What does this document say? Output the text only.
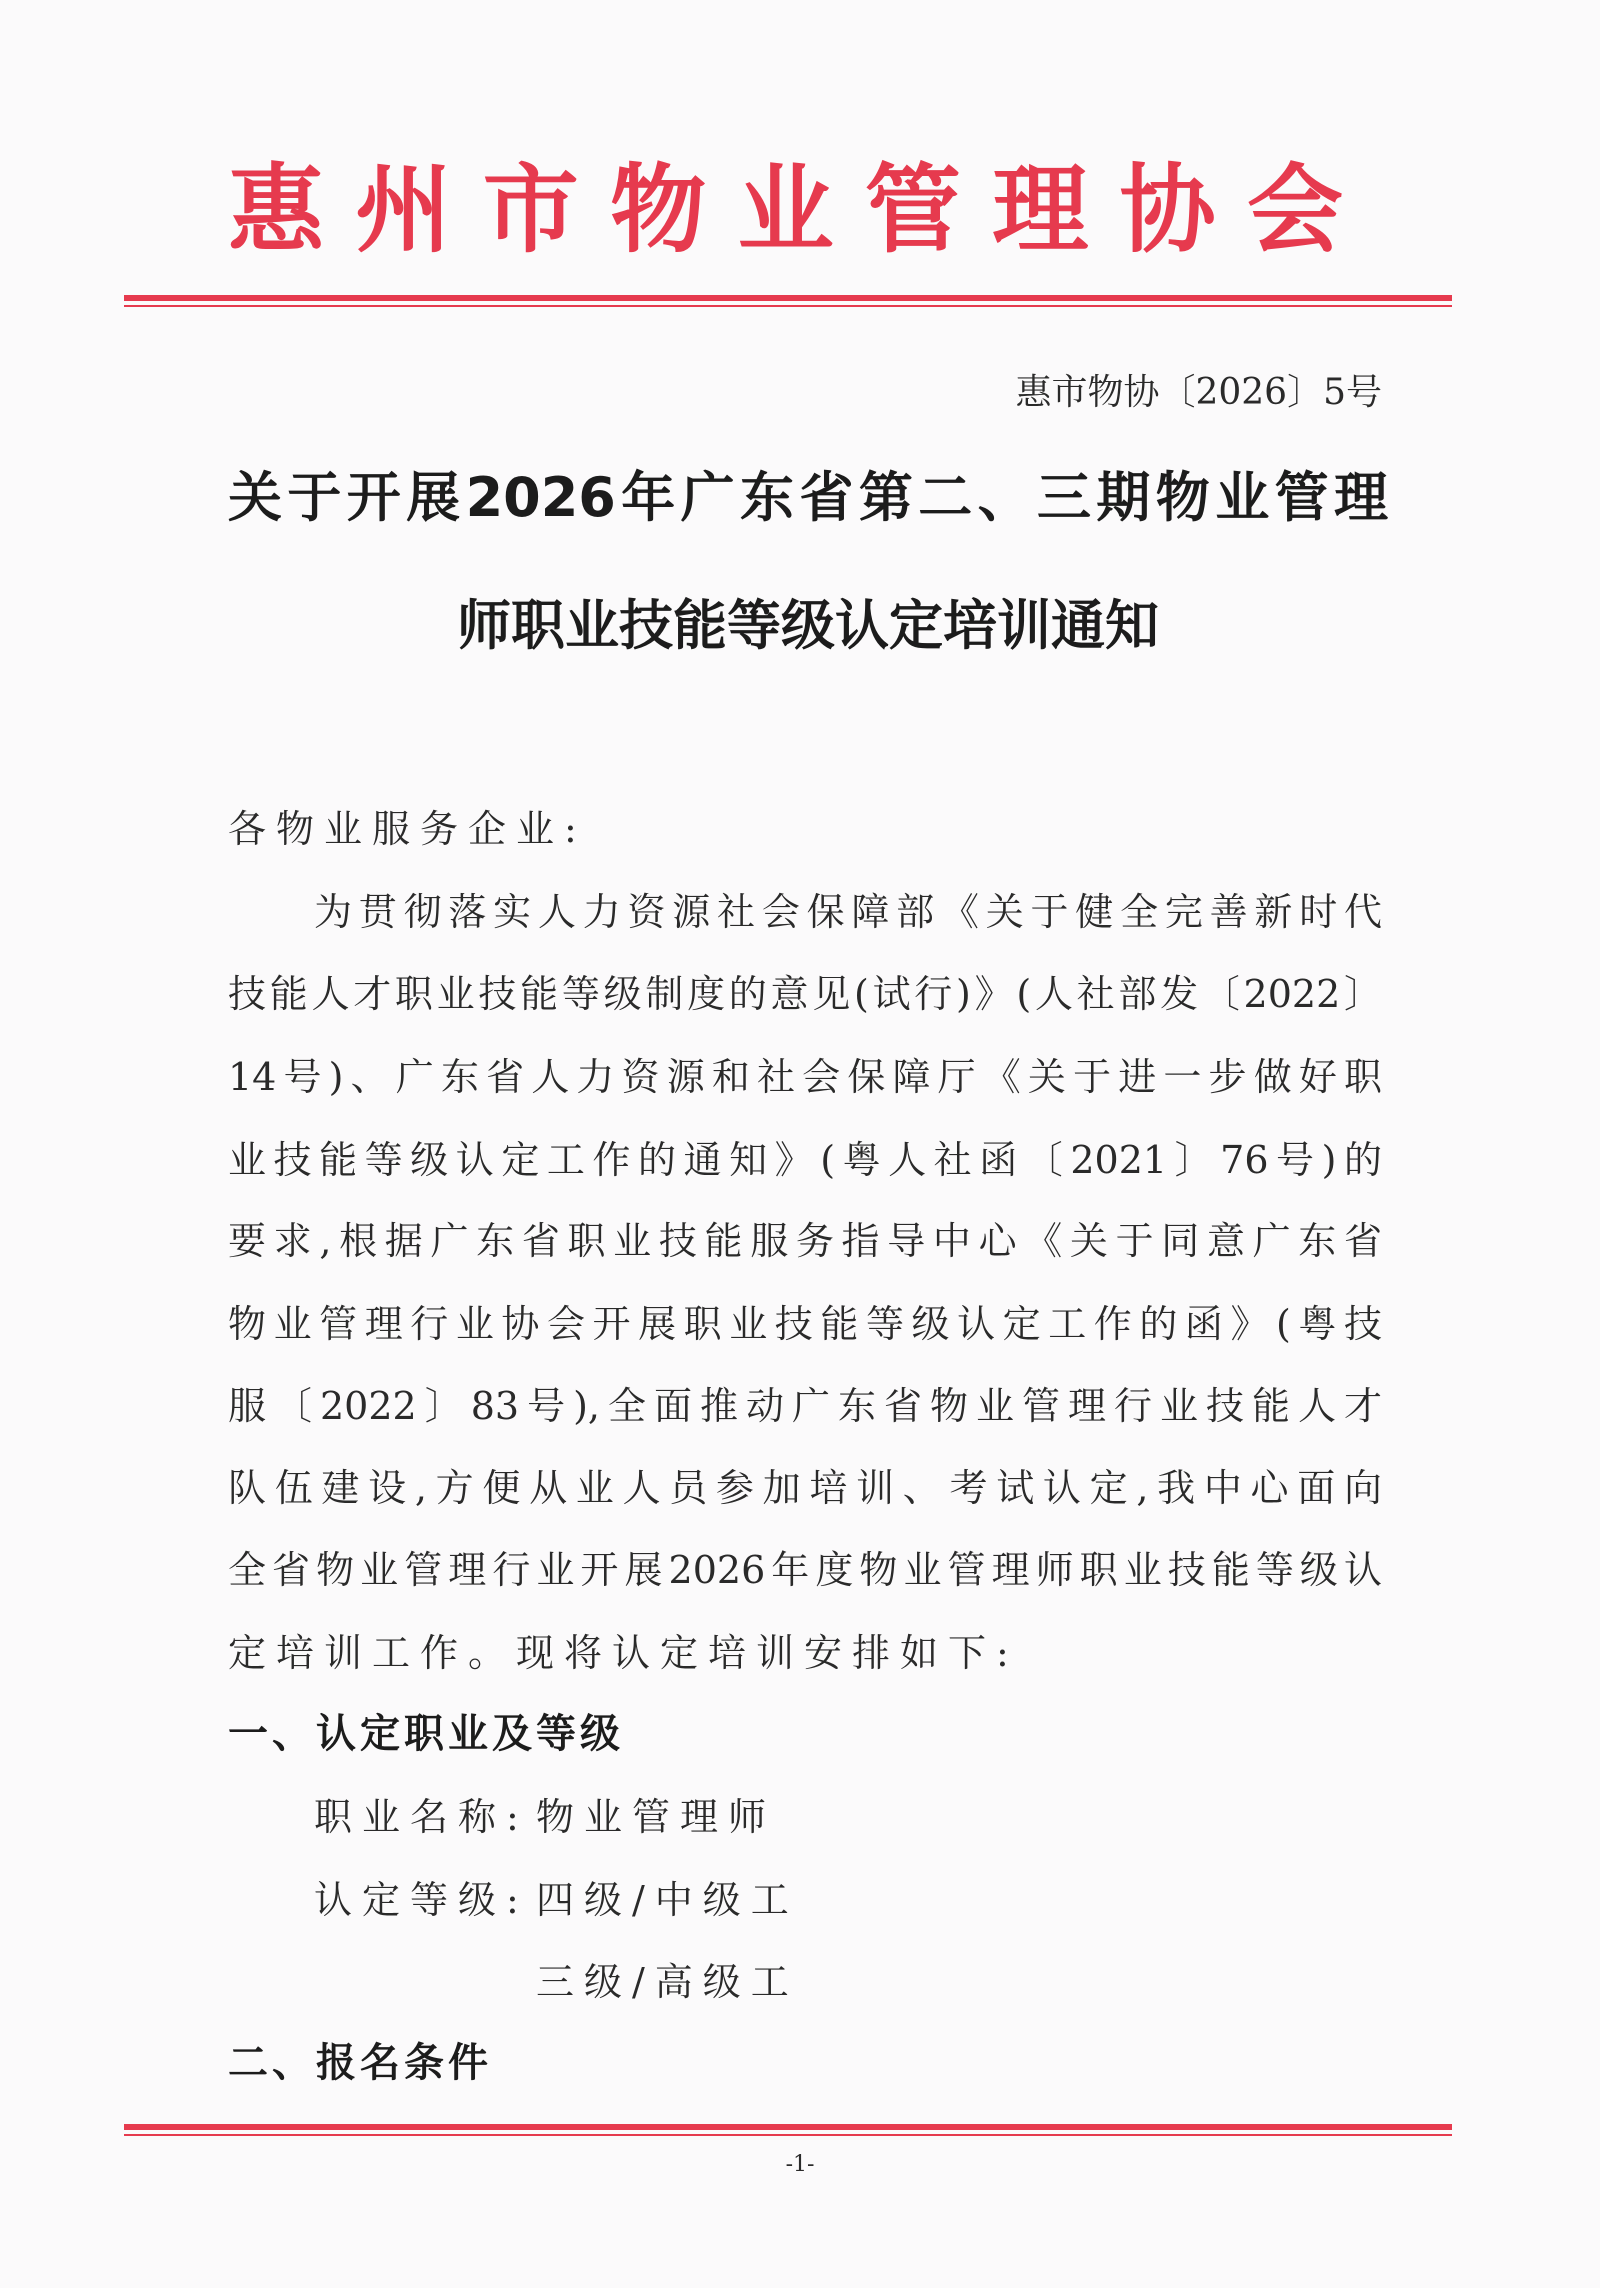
惠州市物业管理协会
惠市物协〔2026〕5号
关于开展2026年广东省第二、三期物业管理
师职业技能等级认定培训通知
各物业服务企业:
为贯彻落实人力资源社会保障部《关于健全完善新时代
技能人才职业技能等级制度的意见(试行)》(人社部发〔2022〕
14号)、广东省人力资源和社会保障厅《关于进一步做好职
业技能等级认定工作的通知》(粤人社函〔2021〕76号)的
要求,根据广东省职业技能服务指导中心《关于同意广东省
物业管理行业协会开展职业技能等级认定工作的函》(粤技
服〔2022〕83号),全面推动广东省物业管理行业技能人才
队伍建设,方便从业人员参加培训、考试认定,我中心面向
全省物业管理行业开展2026年度物业管理师职业技能等级认
定培训工作。现将认定培训安排如下:
一、认定职业及等级
职业名称: 物业管理师
认定等级: 四级/中级工
三级/高级工
二、报名条件
-1-
